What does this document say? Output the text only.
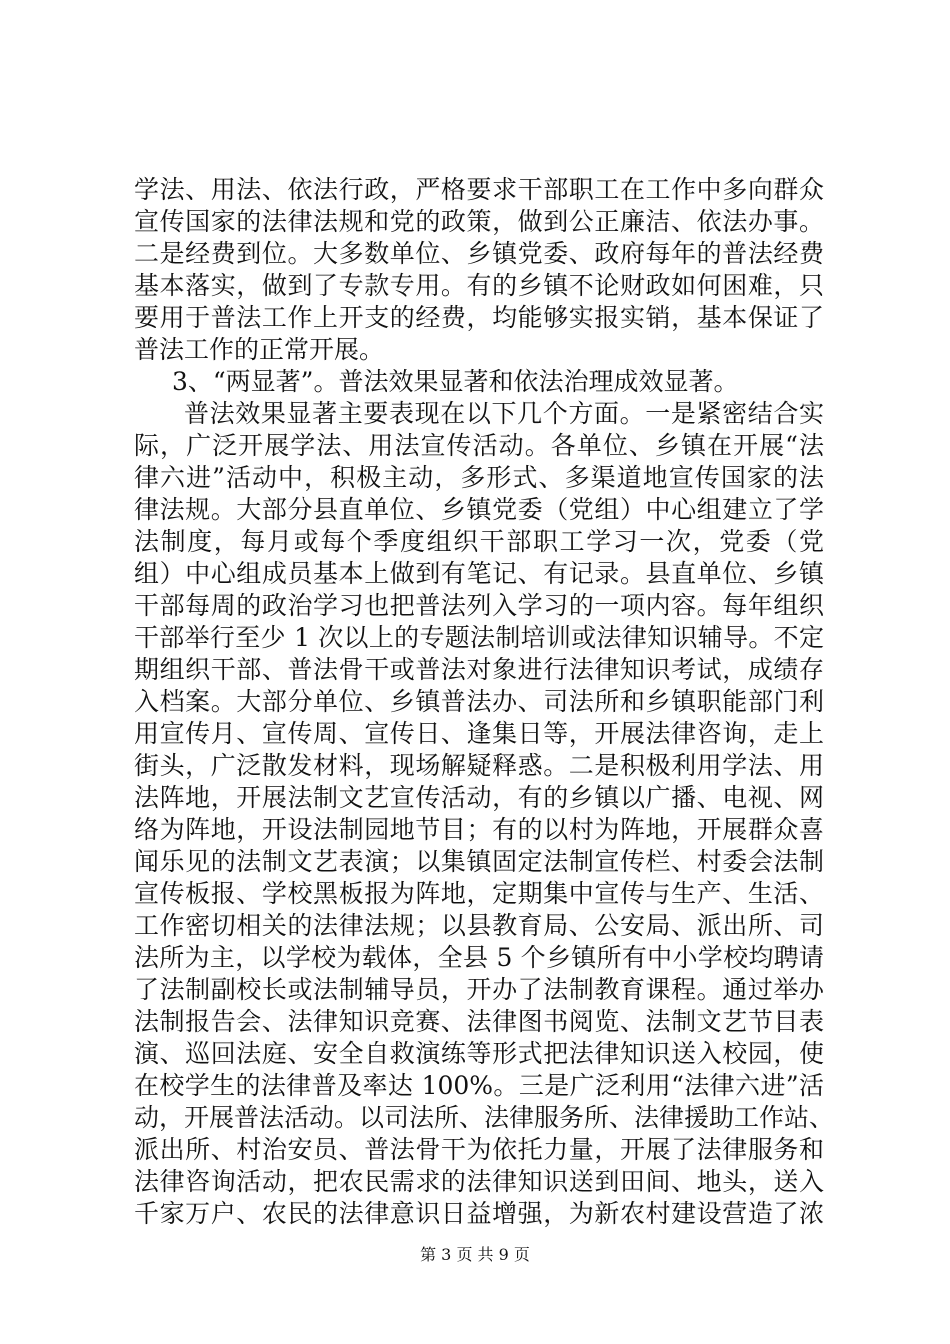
学法、用法、依法行政，严格要求干部职工在工作中多向群众
宣传国家的法律法规和党的政策，做到公正廉洁、依法办事。
二是经费到位。大多数单位、乡镇党委、政府每年的普法经费
基本落实，做到了专款专用。有的乡镇不论财政如何困难，只
要用于普法工作上开支的经费，均能够实报实销，基本保证了
普法工作的正常开展。
3、“两显著”。普法效果显著和依法治理成效显著。
普法效果显著主要表现在以下几个方面。一是紧密结合实
际，广泛开展学法、用法宣传活动。各单位、乡镇在开展“法
律六进”活动中，积极主动，多形式、多渠道地宣传国家的法
律法规。大部分县直单位、乡镇党委（党组）中心组建立了学
法制度，每月或每个季度组织干部职工学习一次，党委（党
组）中心组成员基本上做到有笔记、有记录。县直单位、乡镇
干部每周的政治学习也把普法列入学习的一项内容。每年组织
干部举行至少 1 次以上的专题法制培训或法律知识辅导。不定
期组织干部、普法骨干或普法对象进行法律知识考试，成绩存
入档案。大部分单位、乡镇普法办、司法所和乡镇职能部门利
用宣传月、宣传周、宣传日、逢集日等，开展法律咨询，走上
街头，广泛散发材料，现场解疑释惑。二是积极利用学法、用
法阵地，开展法制文艺宣传活动，有的乡镇以广播、电视、网
络为阵地，开设法制园地节目；有的以村为阵地，开展群众喜
闻乐见的法制文艺表演；以集镇固定法制宣传栏、村委会法制
宣传板报、学校黑板报为阵地，定期集中宣传与生产、生活、
工作密切相关的法律法规；以县教育局、公安局、派出所、司
法所为主，以学校为载体，全县 5 个乡镇所有中小学校均聘请
了法制副校长或法制辅导员，开办了法制教育课程。通过举办
法制报告会、法律知识竞赛、法律图书阅览、法制文艺节目表
演、巡回法庭、安全自救演练等形式把法律知识送入校园，使
在校学生的法律普及率达 100%。三是广泛利用“法律六进”活
动，开展普法活动。以司法所、法律服务所、法律援助工作站、
派出所、村治安员、普法骨干为依托力量，开展了法律服务和
法律咨询活动，把农民需求的法律知识送到田间、地头，送入
千家万户、农民的法律意识日益增强，为新农村建设营造了浓
第 3 页 共 9 页
